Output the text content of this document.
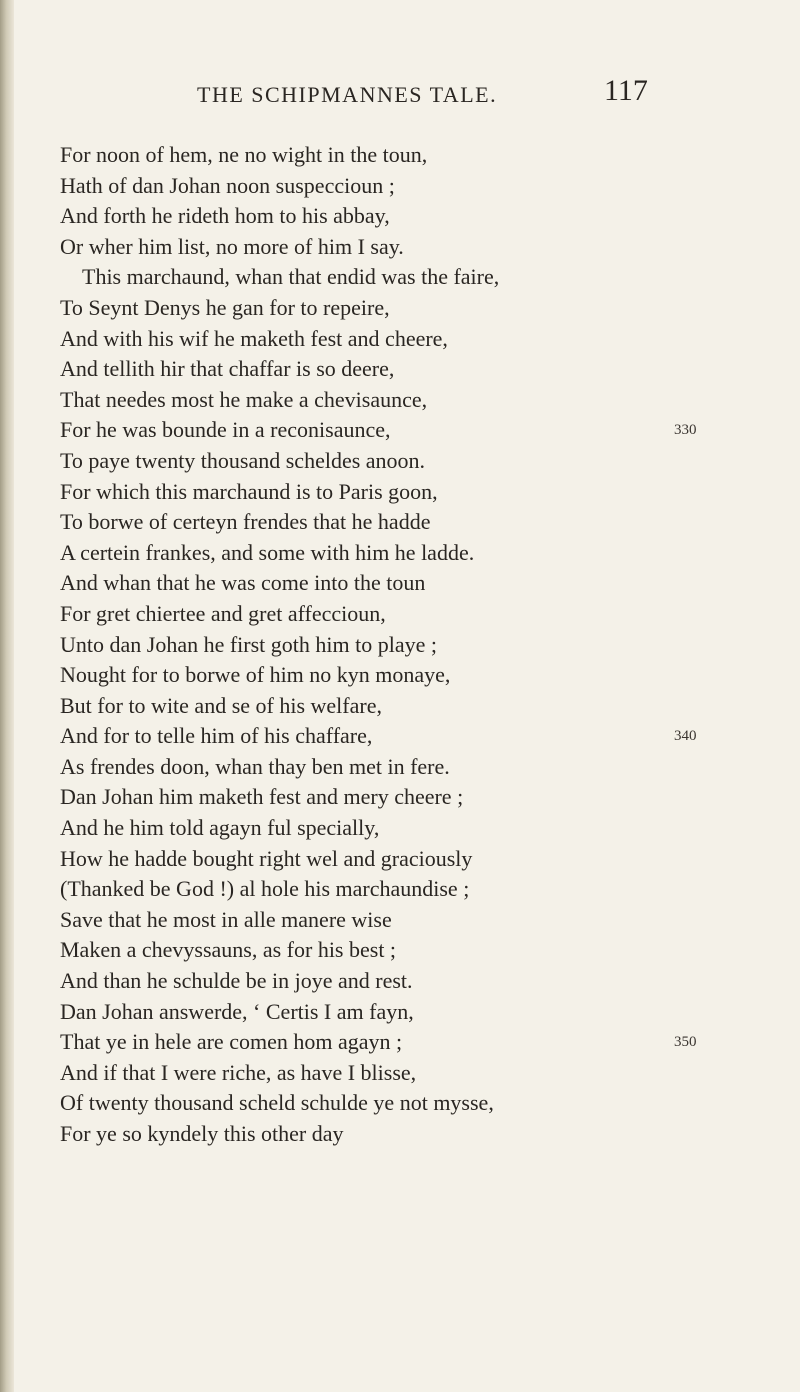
THE SCHIPMANNES TALE.	117
For noon of hem, ne no wight in the toun,
Hath of dan Johan noon suspeccioun ;
And forth he rideth hom to his abbay,
Or wher him list, no more of him I say.
This marchaund, whan that endid was the faire,
To Seynt Denys he gan for to repeire,
And with his wif he maketh fest and cheere,
And tellith hir that chaffar is so deere,
That needes most he make a chevisaunce,
For he was bounde in a reconisaunce,	330
To paye twenty thousand scheldes anoon.
For which this marchaund is to Paris goon,
To borwe of certeyn frendes that he hadde
A certein frankes, and some with him he ladde.
And whan that he was come into the toun
For gret chiertee and gret affeccioun,
Unto dan Johan he first goth him to playe ;
Nought for to borwe of him no kyn monaye,
But for to wite and se of his welfare,
And for to telle him of his chaffare,	340
As frendes doon, whan thay ben met in fere.
Dan Johan him maketh fest and mery cheere ;
And he him told agayn ful specially,
How he hadde bought right wel and graciously
(Thanked be God !) al hole his marchaundise ;
Save that he most in alle manere wise
Maken a chevyssauns, as for his best ;
And than he schulde be in joye and rest.
Dan Johan answerde, ‘ Certis I am fayn,
That ye in hele are comen hom agayn ;	350
And if that I were riche, as have I blisse,
Of twenty thousand scheld schulde ye not mysse,
For ye so kyndely this other day
